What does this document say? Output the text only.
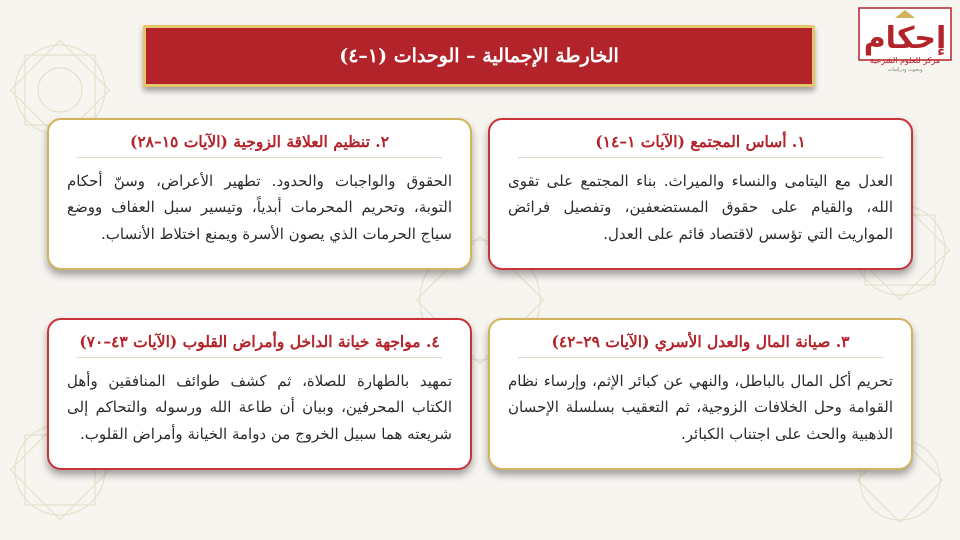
الخارطة الإجمالية – الوحدات (١–٤)	إحكام
مركز للعلوم الشرعية
وبحوث ودراسات
١. أساس المجتمع (الآيات ١–١٤)
العدل مع اليتامى والنساء والميراث. بناء المجتمع على تقوى الله، والقيام على حقوق المستضعفين، وتفصيل فرائض المواريث التي تؤسس لاقتصاد قائم على العدل.
٢. تنظيم العلاقة الزوجية (الآيات ١٥–٢٨)
الحقوق والواجبات والحدود. تطهير الأعراض، وسنّ أحكام التوبة، وتحريم المحرمات أبدياً، وتيسير سبل العفاف ووضع سياج الحرمات الذي يصون الأسرة ويمنع اختلاط الأنساب.
٣. صيانة المال والعدل الأسري (الآيات ٢٩–٤٢)
تحريم أكل المال بالباطل، والنهي عن كبائر الإثم، وإرساء نظام القوامة وحل الخلافات الزوجية، ثم التعقيب بسلسلة الإحسان الذهبية والحث على اجتناب الكبائر.
٤. مواجهة خيانة الداخل وأمراض القلوب (الآيات ٤٣–٧٠)
تمهيد بالطهارة للصلاة، ثم كشف طوائف المنافقين وأهل الكتاب المحرفين، وبيان أن طاعة الله ورسوله والتحاكم إلى شريعته هما سبيل الخروج من دوامة الخيانة وأمراض القلوب.
